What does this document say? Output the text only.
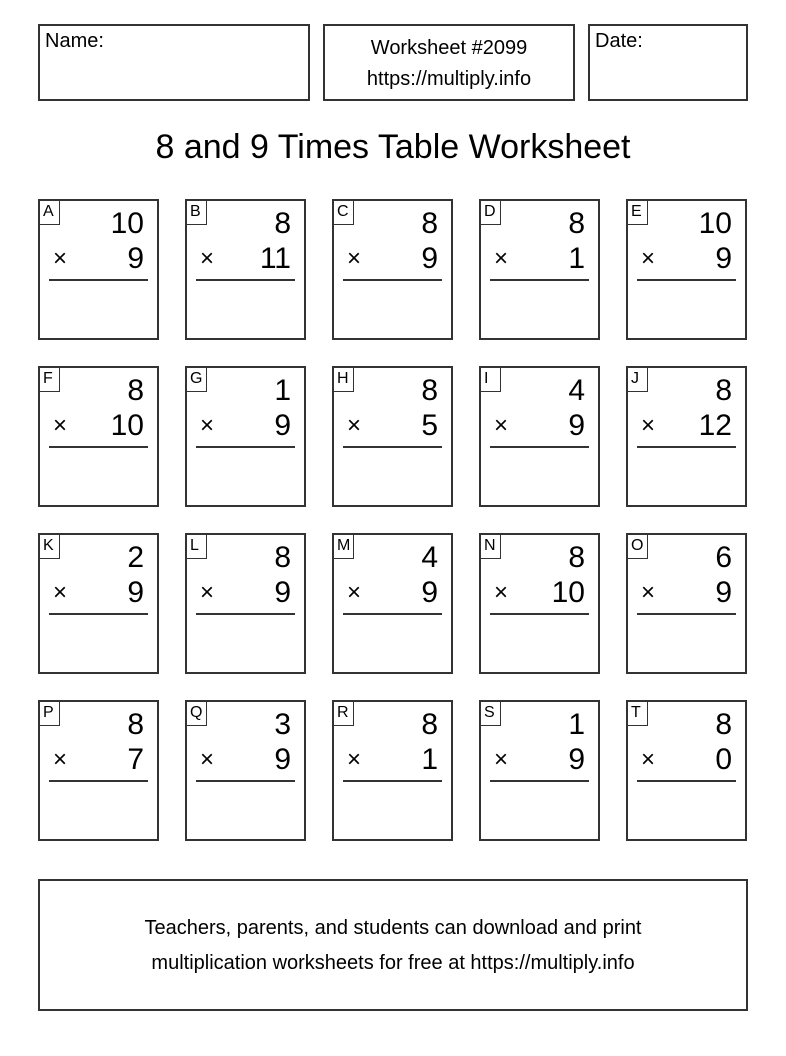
Name:	Worksheet #2099
https://multiply.info
Date:
8 and 9 Times Table Worksheet
A 10
× 9
B 8
× 11
C 8
× 9
D 8
× 1
E 10
× 9
F 8
× 10
G 1
× 9
H 8
× 5
I	4
× 9
J	8
× 12
K 2
× 9
L	8
× 9
M 4
× 9
N 8
× 10
O 6
× 9
P 8
× 7
Q 3
× 9
R 8
× 1
S 1
× 9
T 8
× 0
Teachers, parents, and students can download and print
multiplication worksheets for free at https://multiply.info
